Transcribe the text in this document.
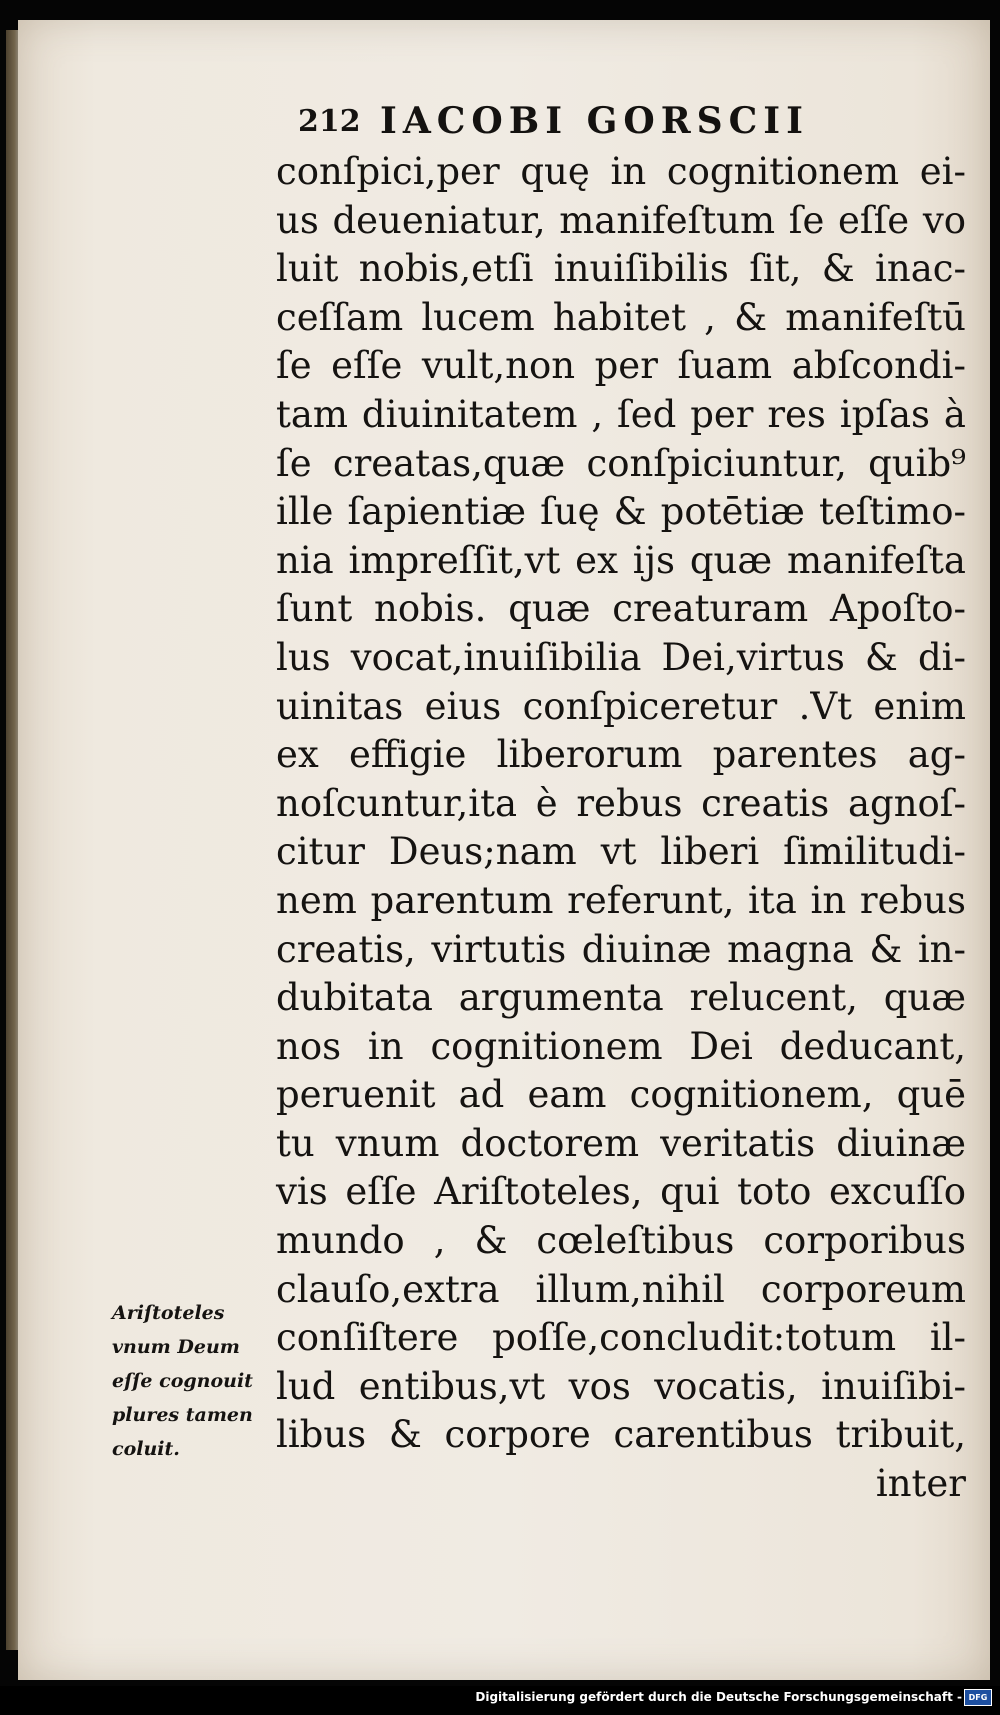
212 IACOBI GORSCII
conſpici,per quę in cognitionem ei-
us deueniatur, manifeſtum ſe eſſe vo
luit nobis,etſi inuiſibilis ſit, & inac-
ceſſam lucem habitet , & manifeſtū
ſe eſſe vult,non per ſuam abſcondi-
tam diuinitatem , ſed per res ipſas à
ſe creatas,quæ conſpiciuntur, quib⁹
ille ſapientiæ ſuę & potētiæ teſtimo-
nia impreſſit,vt ex ijs quæ manifeſta
ſunt nobis. quæ creaturam Apoſto-
lus vocat,inuiſibilia Dei,virtus & di-
uinitas eius conſpiceretur .Vt enim
ex effigie liberorum parentes ag-
noſcuntur,ita è rebus creatis agnoſ-
citur Deus;nam vt liberi ſimilitudi-
nem parentum referunt, ita in rebus
creatis, virtutis diuinæ magna & in-
dubitata argumenta relucent, quæ
nos in cognitionem Dei deducant,
peruenit ad eam cognitionem, quē
tu vnum doctorem veritatis diuinæ
vis eſſe Ariſtoteles, qui toto excuſſo
mundo , & cœleſtibus corporibus
clauſo,extra illum,nihil corporeum
conſiſtere poſſe,concludit:totum il-
lud entibus,vt vos vocatis, inuiſibi-
libus & corpore carentibus tribuit,
inter
Ariſtoteles
vnum Deum
eſſe cognouit
plures tamen
coluit.
Digitalisierung gefördert durch die Deutsche Forschungsgemeinschaft - DFG
